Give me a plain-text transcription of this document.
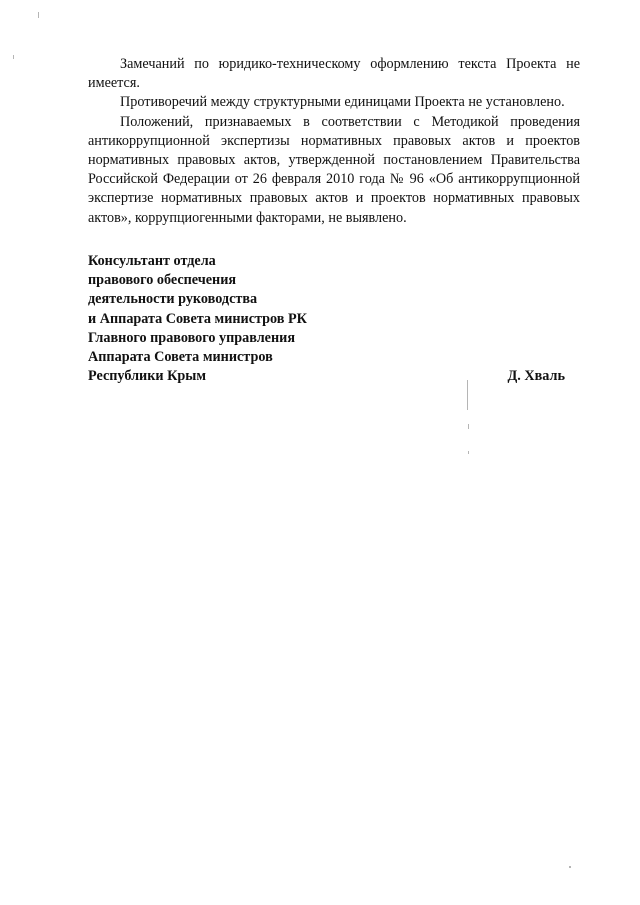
Замечаний по юридико-техническому оформлению текста Проекта не имеется.

Противоречий между структурными единицами Проекта не установлено.

Положений, признаваемых в соответствии с Методикой проведения антикоррупционной экспертизы нормативных правовых актов и проектов нормативных правовых актов, утвержденной постановлением Правительства Российской Федерации от 26 февраля 2010 года № 96 «Об антикоррупционной экспертизе нормативных правовых актов и проектов нормативных правовых актов», коррупциогенными факторами, не выявлено.

Консультант отдела
правового обеспечения
деятельности руководства
и Аппарата Совета министров РК
Главного правового управления
Аппарата Совета министров
Республики Крым	Д. Хваль
